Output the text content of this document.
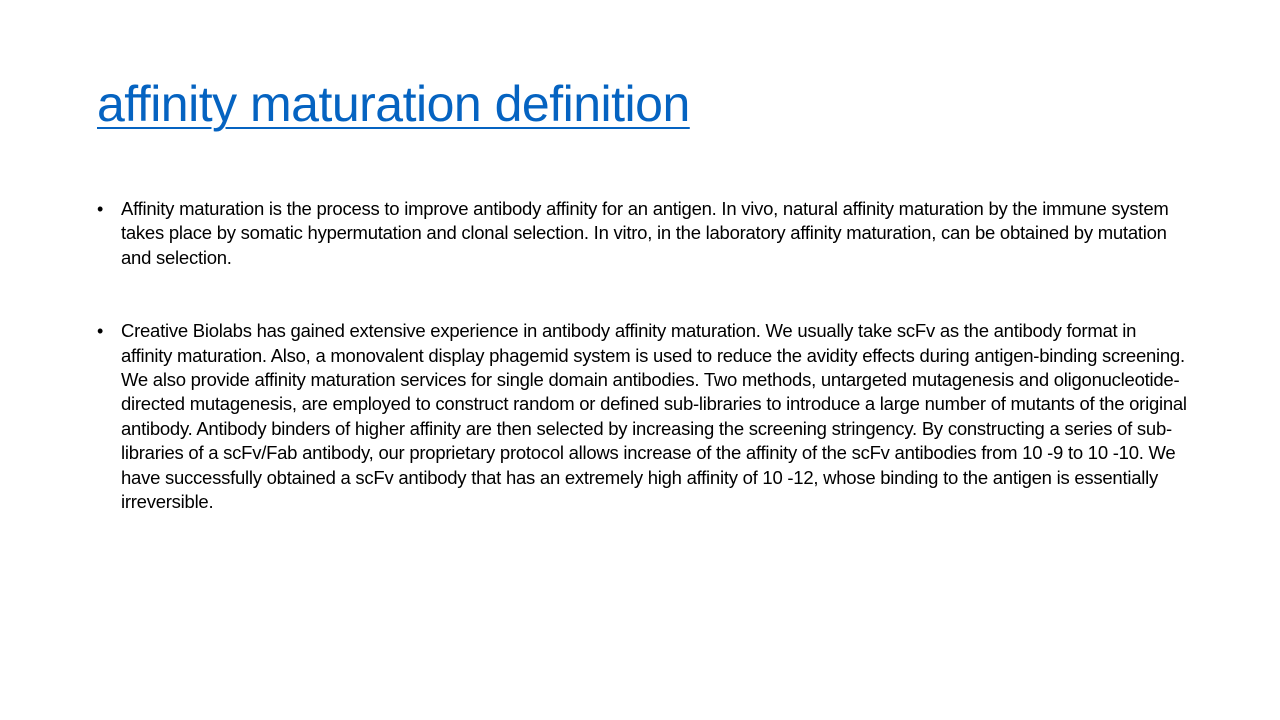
affinity maturation definition
• Affinity maturation is the process to improve antibody affinity for an antigen. In vivo, natural affinity maturation by the immune system takes place by somatic hypermutation and clonal selection. In vitro, in the laboratory affinity maturation, can be obtained by mutation and selection.
• Creative Biolabs has gained extensive experience in antibody affinity maturation. We usually take scFv as the antibody format in affinity maturation. Also, a monovalent display phagemid system is used to reduce the avidity effects during antigen-binding screening. We also provide affinity maturation services for single domain antibodies. Two methods, untargeted mutagenesis and oligonucleotide-directed mutagenesis, are employed to construct random or defined sub-libraries to introduce a large number of mutants of the original antibody. Antibody binders of higher affinity are then selected by increasing the screening stringency. By constructing a series of sub-libraries of a scFv/Fab antibody, our proprietary protocol allows increase of the affinity of the scFv antibodies from 10 -9 to 10 -10. We have successfully obtained a scFv antibody that has an extremely high affinity of 10 -12, whose binding to the antigen is essentially irreversible.
